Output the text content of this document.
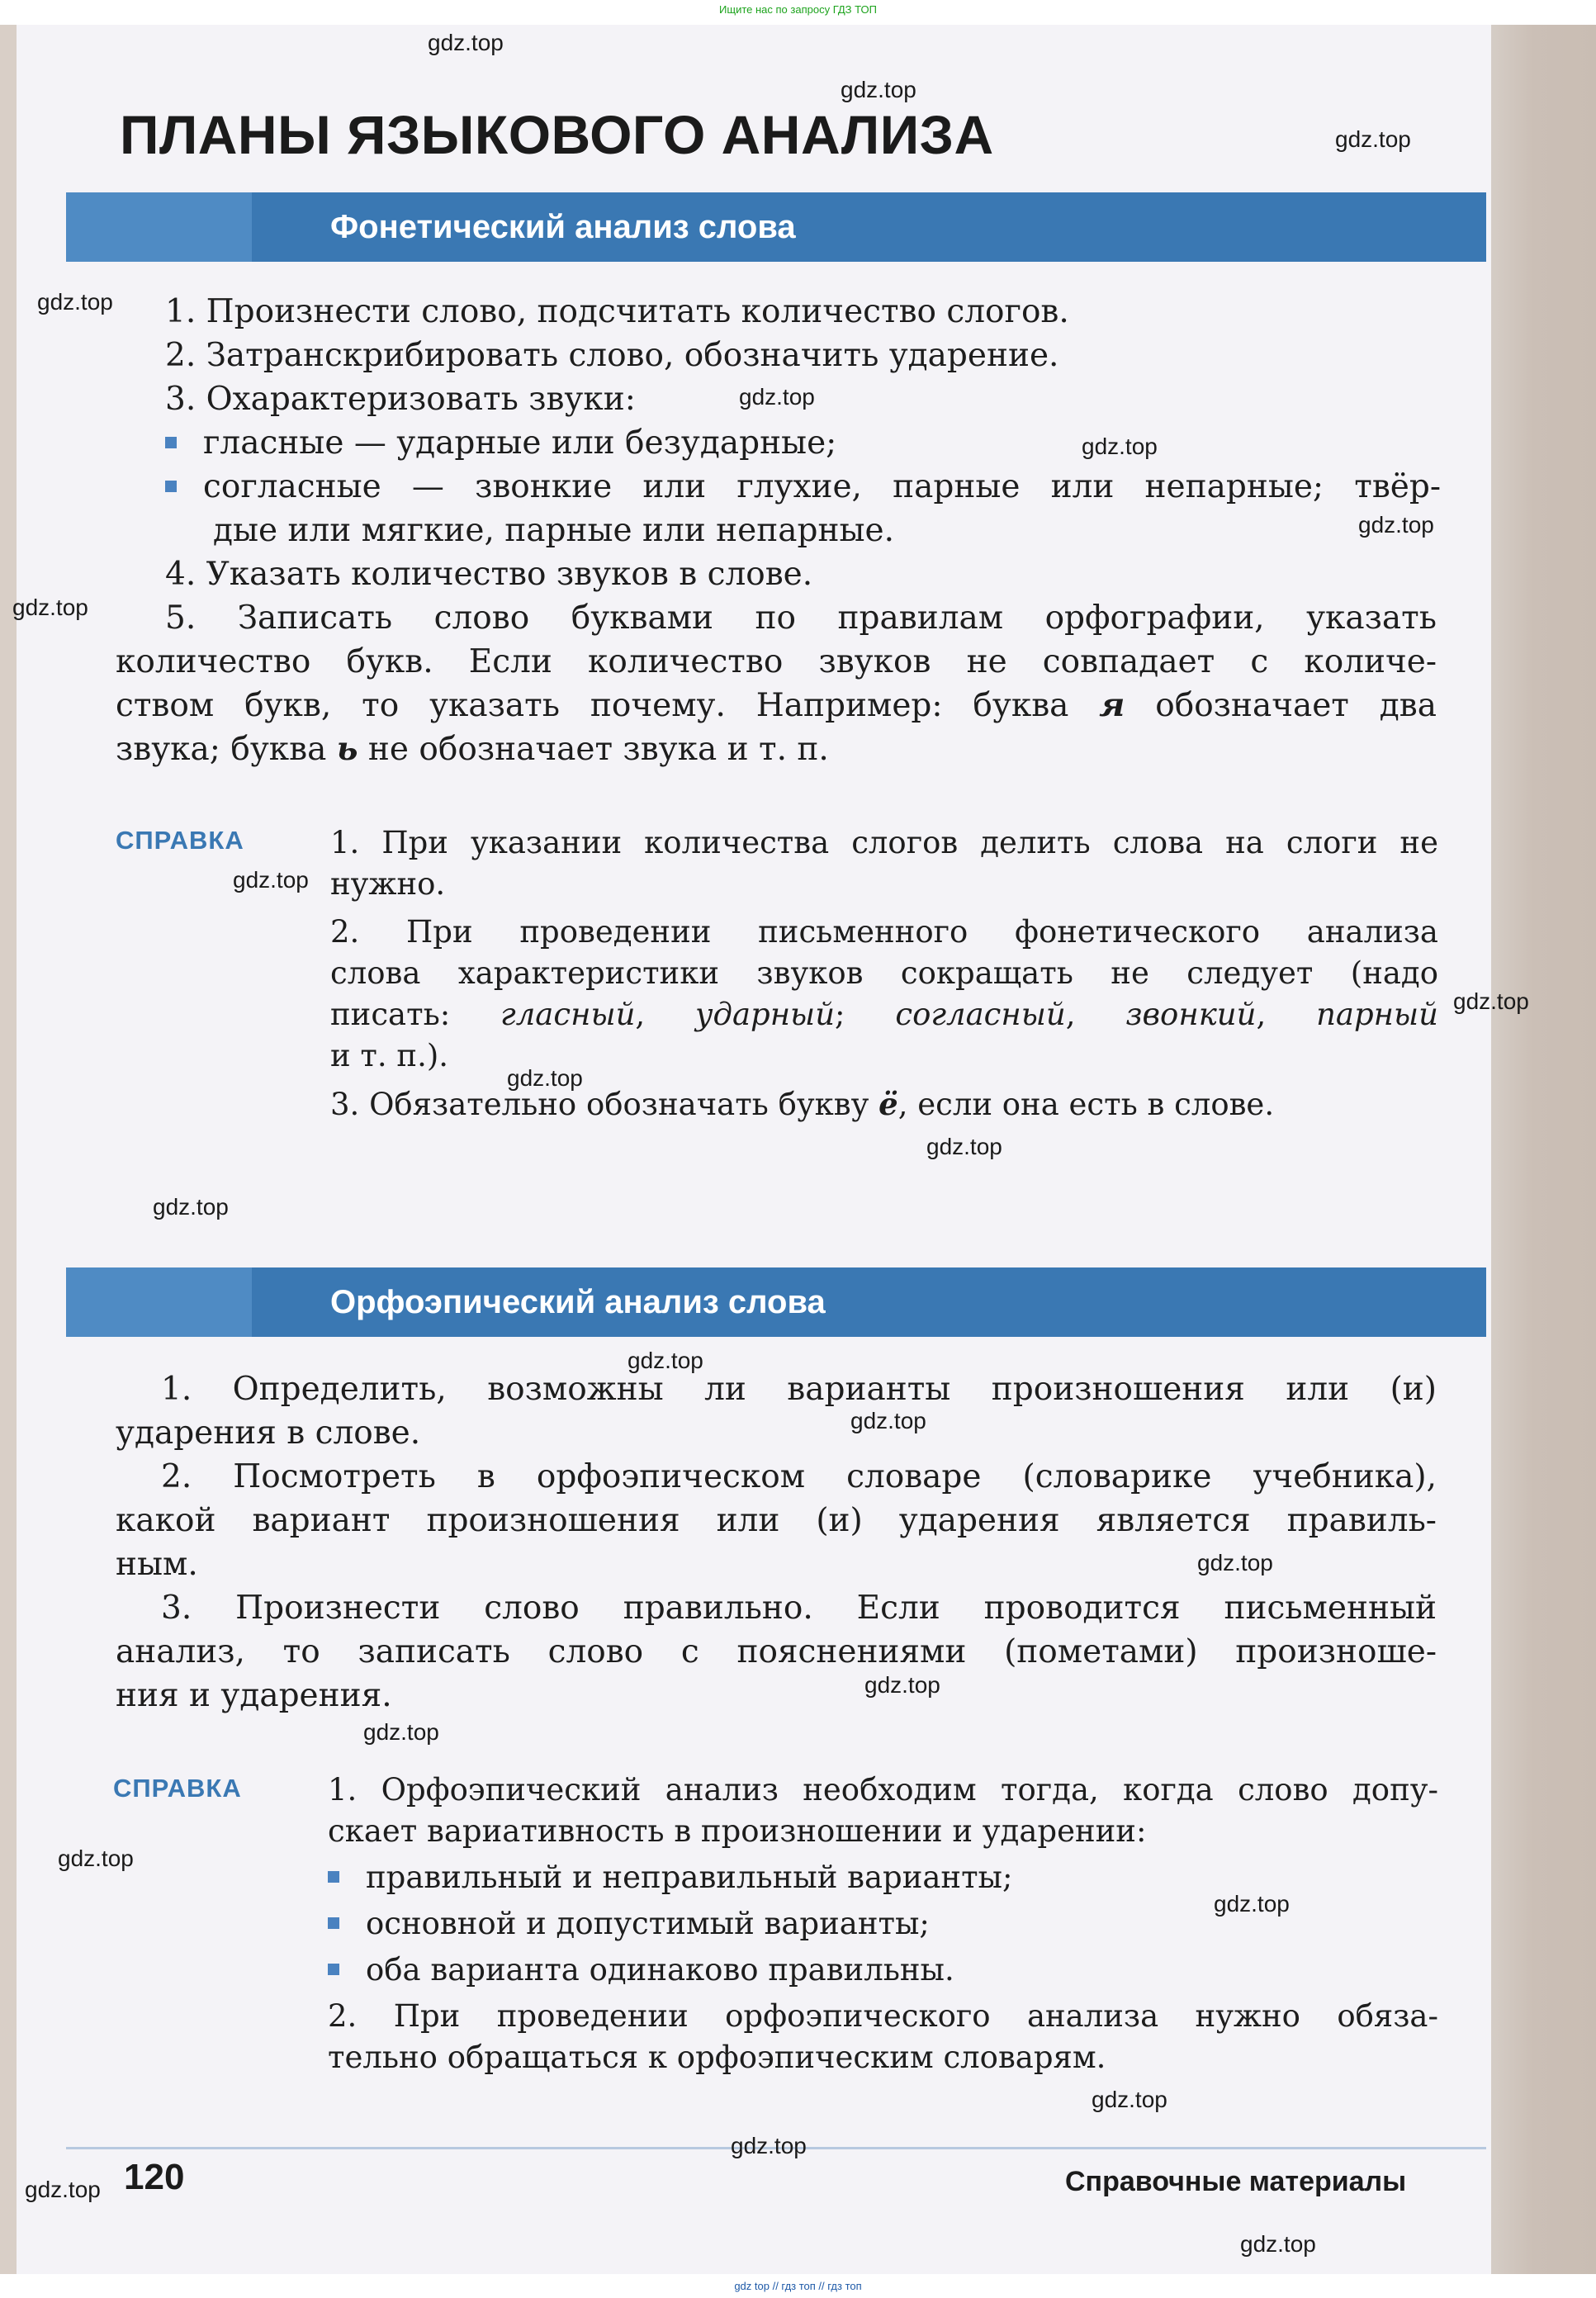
Ищите нас по запросу ГДЗ ТОП
ПЛАНЫ ЯЗЫКОВОГО АНАЛИЗА
Фонетический анализ слова
1. Произнести слово, подсчитать количество слогов.
2. Затранскрибировать слово, обозначить ударение.
3. Охарактеризовать звуки:
гласные — ударные или безударные;
согласные — звонкие или глухие, парные или непарные; твёр-
дые или мягкие, парные или непарные.
4. Указать количество звуков в слове.
5. Записать слово буквами по правилам орфографии, указать
количество букв. Если количество звуков не совпадает с количе-
ством букв, то указать почему. Например: буква я обозначает два
звука; буква ь не обозначает звука и т. п.
СПРАВКА	1. При указании количества слогов делить слова на слоги не
нужно.
2. При проведении письменного фонетического анализа
слова характеристики звуков сокращать не следует (надо
писать: гласный, ударный; согласный, звонкий, парный
и т. п.).
3. Обязательно обозначать букву ё, если она есть в слове.
Орфоэпический анализ слова
1. Определить, возможны ли варианты произношения или (и)
ударения в слове.
2. Посмотреть в орфоэпическом словаре (словарике учебника),
какой вариант произношения или (и) ударения является правиль-
ным.
3. Произнести слово правильно. Если проводится письменный
анализ, то записать слово с пояснениями (пометами) произноше-
ния и ударения.
СПРАВКА	1. Орфоэпический анализ необходим тогда, когда слово допу-
скает вариативность в произношении и ударении:
правильный и неправильный варианты;
основной и допустимый варианты;
оба варианта одинаково правильны.
2. При проведении орфоэпического анализа нужно обяза-
тельно обращаться к орфоэпическим словарям.
120	Справочные материалы
gdz.top
gdz.top
gdz.top
gdz.top
gdz.top
gdz.top
gdz.top
gdz.top
gdz.top
gdz.top
gdz.top
gdz.top
gdz.top
gdz.top
gdz.top
gdz.top
gdz.top
gdz.top
gdz.top
gdz.top
gdz.top
gdz.top
gdz.top
gdz.top
gdz top // гдз топ // гдз топ
